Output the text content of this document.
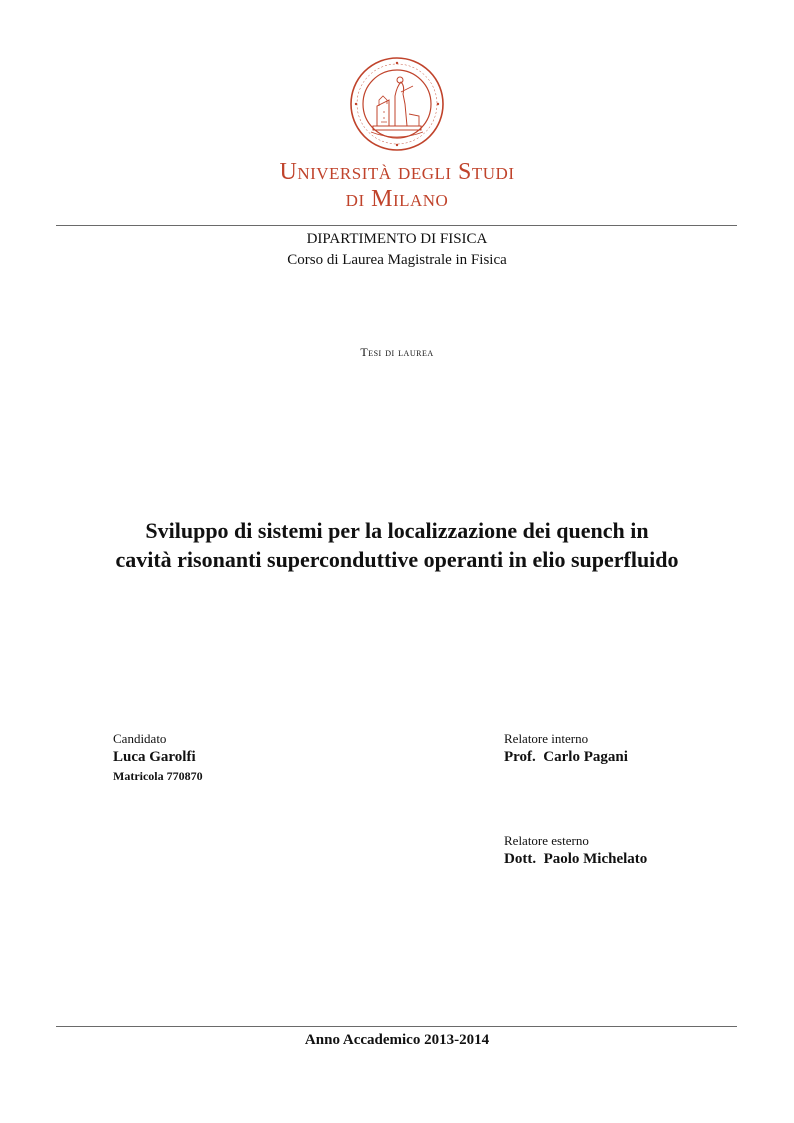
Università degli Studi
di Milano
DIPARTIMENTO DI FISICA
Corso di Laurea Magistrale in Fisica
Tesi di laurea
Sviluppo di sistemi per la localizzazione dei quench in
cavità risonanti superconduttive operanti in elio superfluido
Candidato
Luca Garolfi
Matricola 770870
Relatore interno
Prof.  Carlo Pagani
Relatore esterno
Dott.  Paolo Michelato
Anno Accademico 2013-2014
